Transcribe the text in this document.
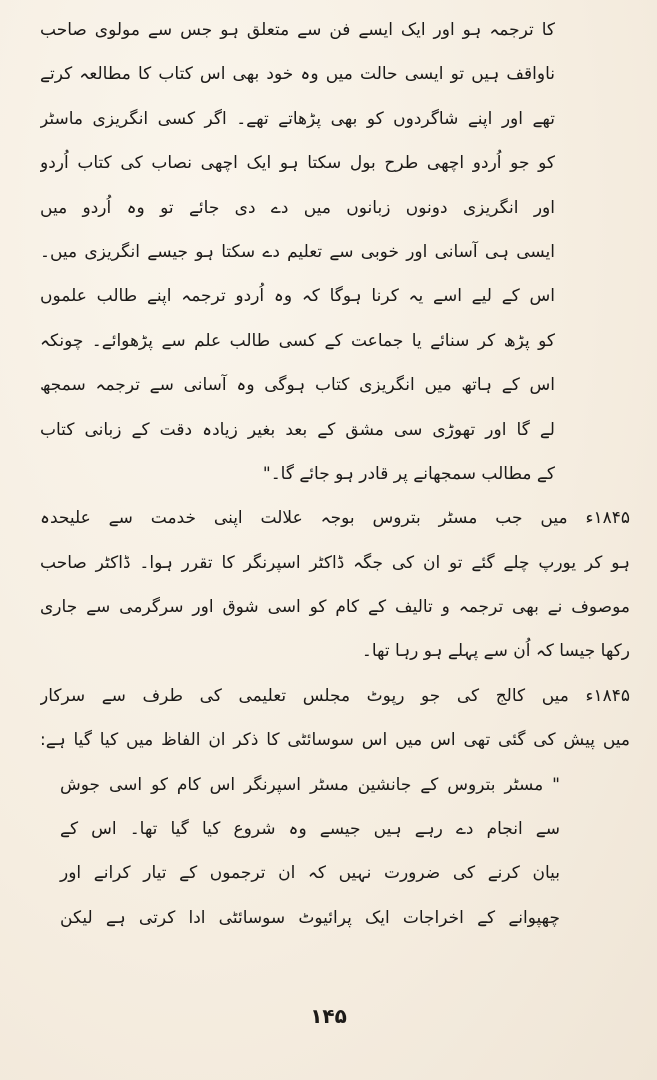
کا ترجمہ ہو اور ایک ایسے فن سے متعلق ہو جس سے مولوی صاحب
ناواقف ہیں تو ایسی حالت میں وہ خود بھی اس کتاب کا مطالعہ کرتے
تھے اور اپنے شاگردوں کو بھی پڑھاتے تھے۔ اگر کسی انگریزی ماسٹر
کو جو اُردو اچھی طرح بول سکتا ہو ایک اچھی نصاب کی کتاب اُردو
اور انگریزی دونوں زبانوں میں دے دی جائے تو وہ اُردو میں
ایسی ہی آسانی اور خوبی سے تعلیم دے سکتا ہو جیسے انگریزی میں۔
اس کے لیے اسے یہ کرنا ہوگا کہ وہ اُردو ترجمہ اپنے طالب علموں
کو پڑھ کر سنائے یا جماعت کے کسی طالب علم سے پڑھوائے۔ چونکہ
اس کے ہاتھ میں انگریزی کتاب ہوگی وہ آسانی سے ترجمہ سمجھ
لے گا اور تھوڑی سی مشق کے بعد بغیر زیادہ دقت کے زبانی کتاب
کے مطالب سمجھانے پر قادر ہو جائے گا۔"
۱۸۴۵ء میں جب مسٹر بتروس بوجہ علالت اپنی خدمت سے علیحدہ
ہو کر یورپ چلے گئے تو ان کی جگہ ڈاکٹر اسپرنگر کا تقرر ہوا۔ ڈاکٹر صاحب
موصوف نے بھی ترجمہ و تالیف کے کام کو اسی شوق اور سرگرمی سے جاری
رکھا جیسا کہ اُن سے پہلے ہو رہا تھا۔
۱۸۴۵ء میں کالج کی جو رپوٹ مجلس تعلیمی کی طرف سے سرکار
میں پیش کی گئی تھی اس میں اس سوسائٹی کا ذکر ان الفاظ میں کیا گیا ہے:
" مسٹر بتروس کے جانشین مسٹر اسپرنگر اس کام کو اسی جوش
سے انجام دے رہے ہیں جیسے وہ شروع کیا گیا تھا۔ اس کے
بیان کرنے کی ضرورت نہیں کہ ان ترجموں کے تیار کرانے اور
چھپوانے کے اخراجات ایک پرائیوٹ سوسائٹی ادا کرتی ہے لیکن
۱۴۵
